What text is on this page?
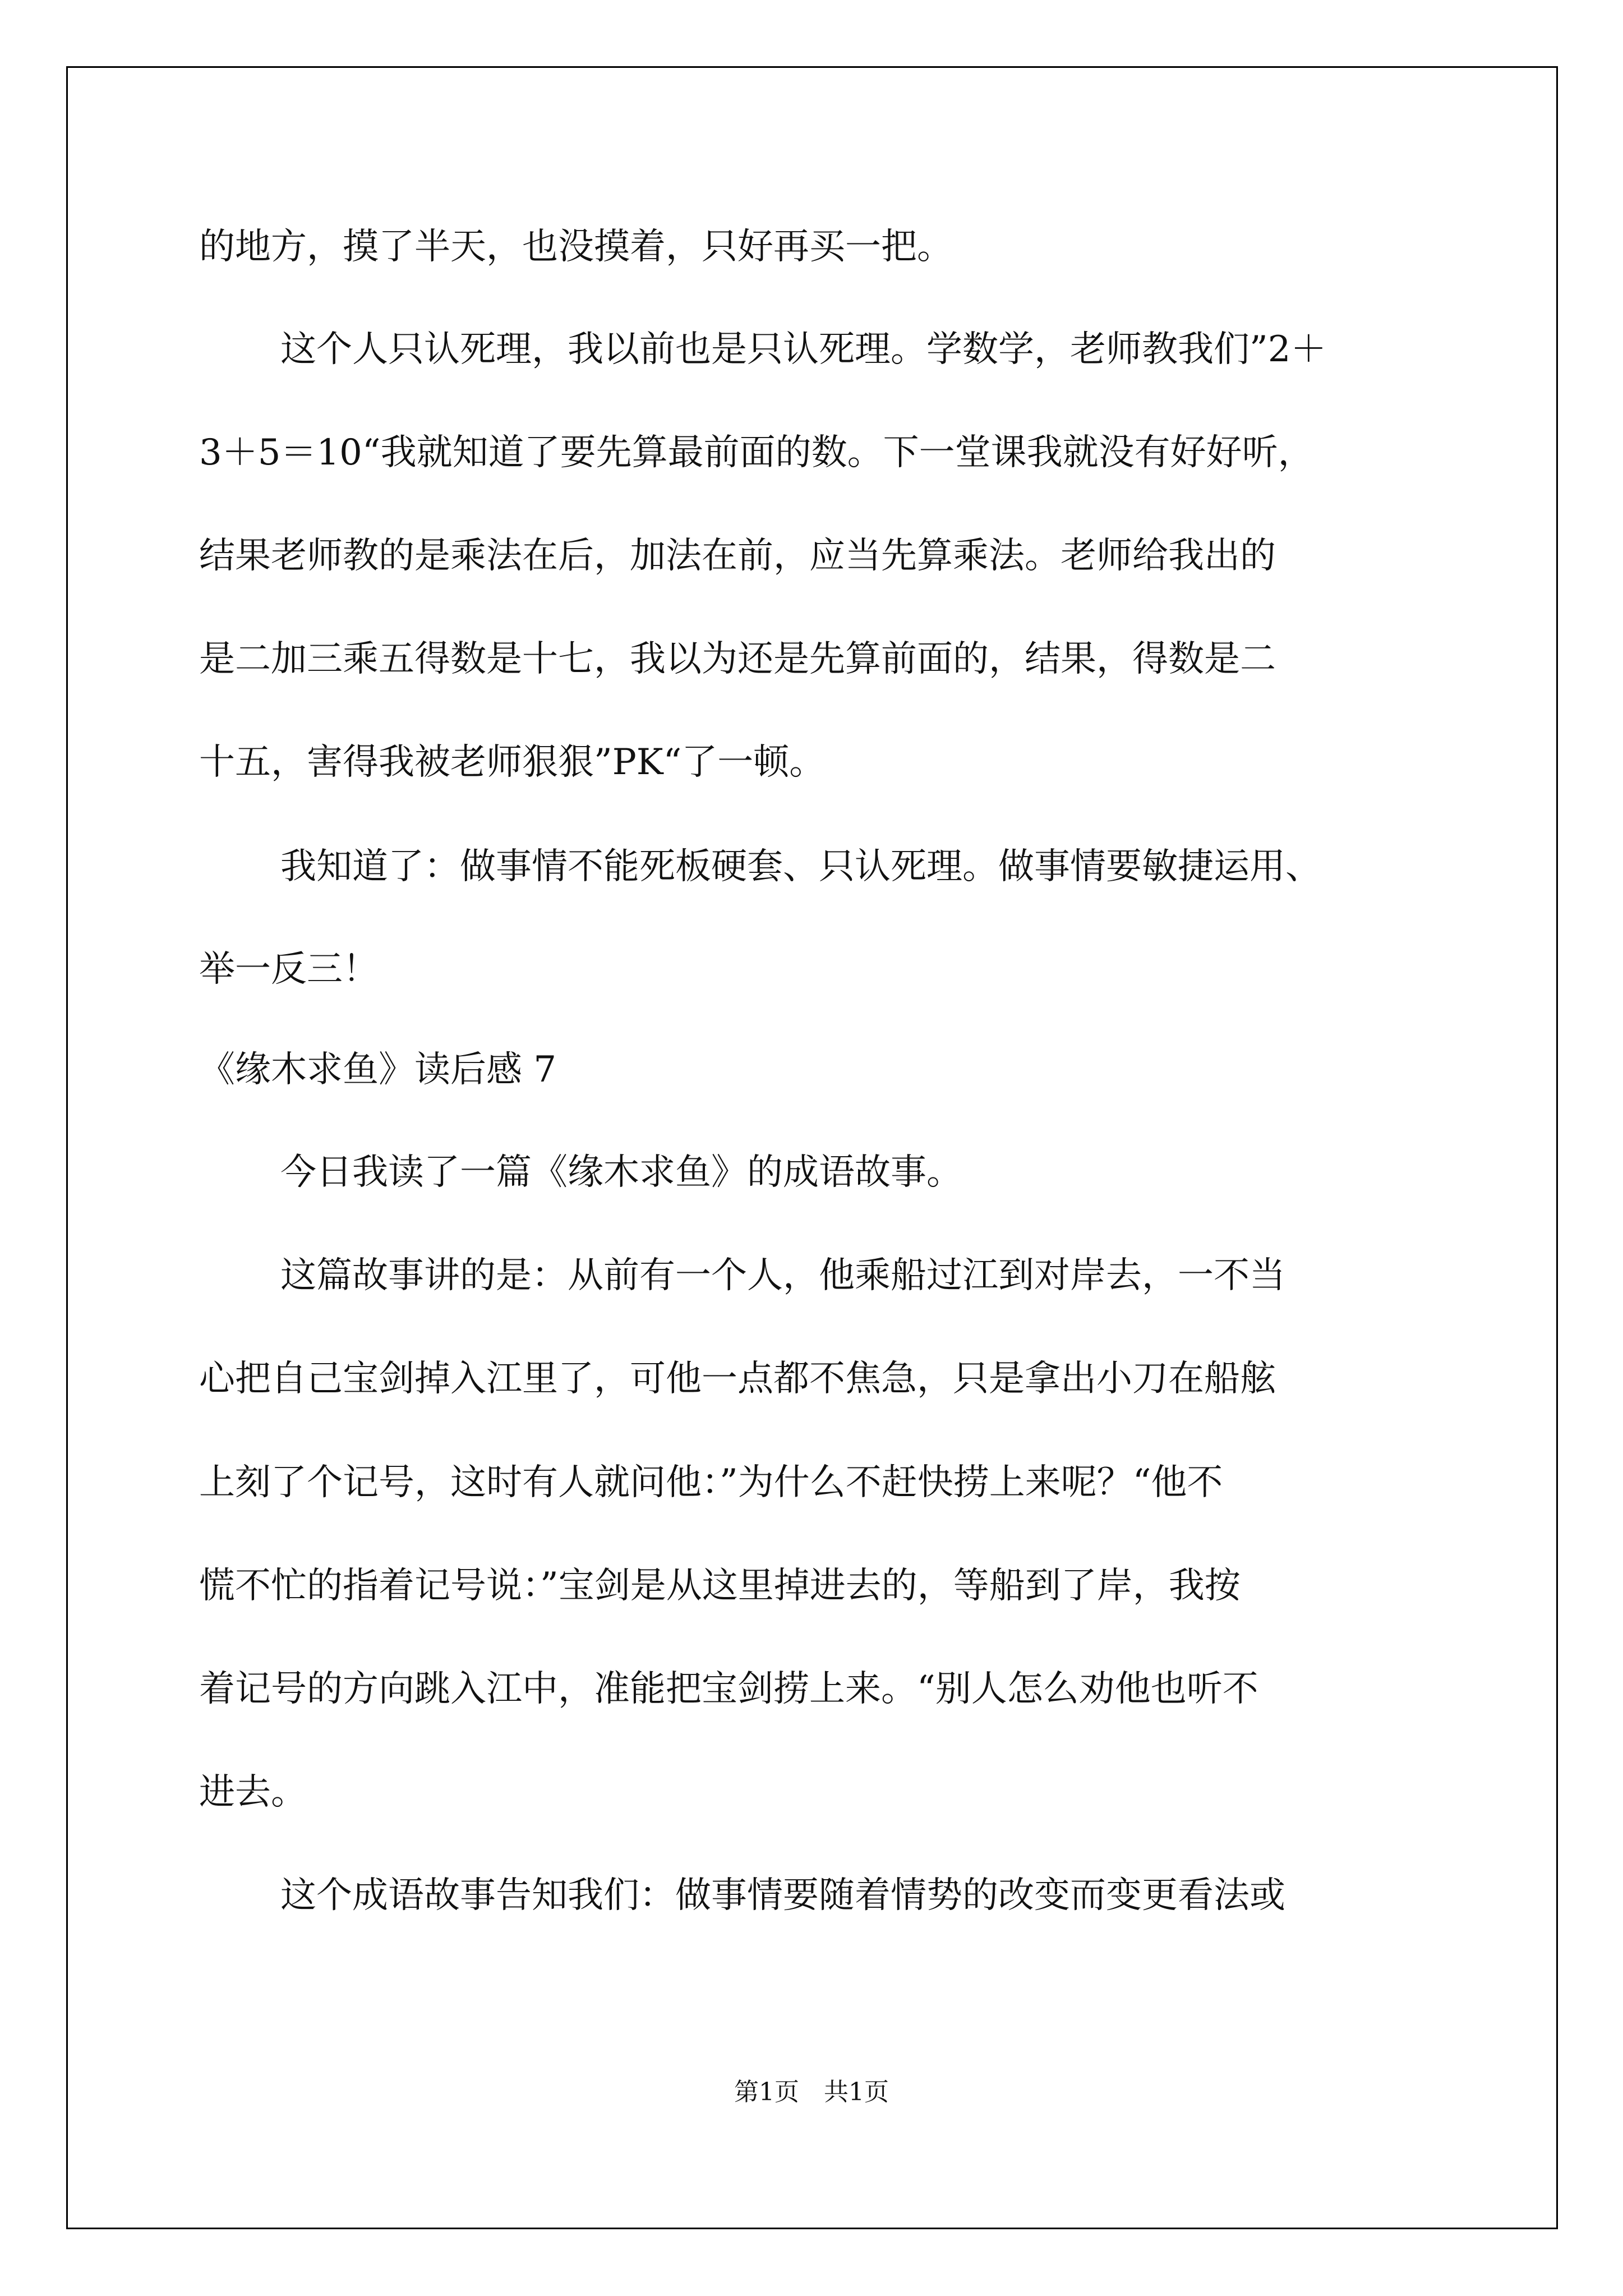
的地方，摸了半天，也没摸着，只好再买一把。
这个人只认死理，我以前也是只认死理。学数学，老师教我们”2＋
3＋5＝10“我就知道了要先算最前面的数。下一堂课我就没有好好听，
结果老师教的是乘法在后，加法在前，应当先算乘法。老师给我出的
是二加三乘五得数是十七，我以为还是先算前面的，结果，得数是二
十五，害得我被老师狠狠”PK“了一顿。
我知道了：做事情不能死板硬套、只认死理。做事情要敏捷运用、
举一反三！
《缘木求鱼》读后感 7
今日我读了一篇《缘木求鱼》的成语故事。
这篇故事讲的是：从前有一个人，他乘船过江到对岸去，一不当
心把自己宝剑掉入江里了，可他一点都不焦急，只是拿出小刀在船舷
上刻了个记号，这时有人就问他：”为什么不赶快捞上来呢？“他不
慌不忙的指着记号说：”宝剑是从这里掉进去的，等船到了岸，我按
着记号的方向跳入江中，准能把宝剑捞上来。“别人怎么劝他也听不
进去。
这个成语故事告知我们：做事情要随着情势的改变而变更看法或
第1页　共1页
